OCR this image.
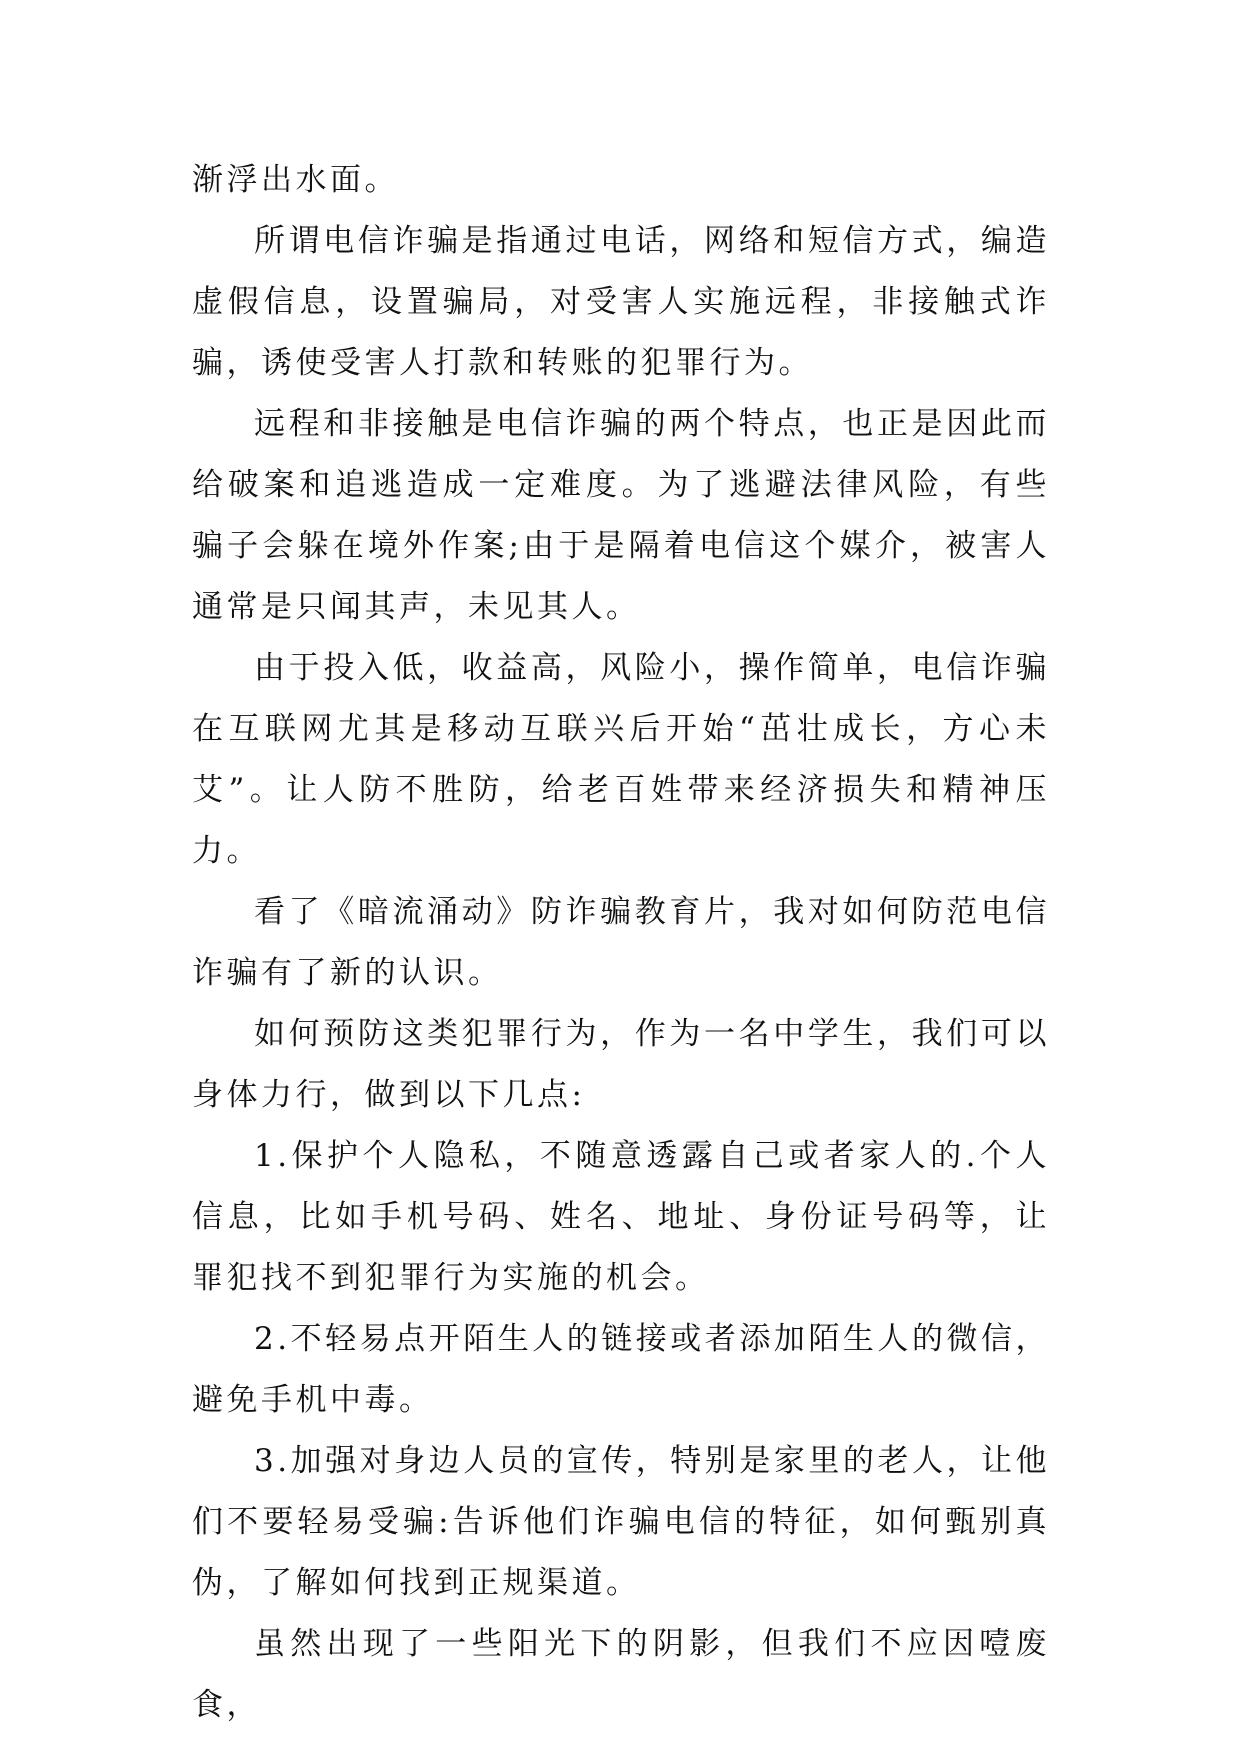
渐浮出水面。

所谓电信诈骗是指通过电话，网络和短信方式，编造虚假信息，设置骗局，对受害人实施远程，非接触式诈骗，诱使受害人打款和转账的犯罪行为。

远程和非接触是电信诈骗的两个特点，也正是因此而给破案和追逃造成一定难度。为了逃避法律风险，有些骗子会躲在境外作案;由于是隔着电信这个媒介，被害人通常是只闻其声，未见其人。

由于投入低，收益高，风险小，操作简单，电信诈骗在互联网尤其是移动互联兴后开始“茁壮成长，方心未艾”。让人防不胜防，给老百姓带来经济损失和精神压力。

看了《暗流涌动》防诈骗教育片，我对如何防范电信诈骗有了新的认识。

如何预防这类犯罪行为，作为一名中学生，我们可以身体力行，做到以下几点:

1.保护个人隐私，不随意透露自己或者家人的.个人信息，比如手机号码、姓名、地址、身份证号码等，让罪犯找不到犯罪行为实施的机会。

2.不轻易点开陌生人的链接或者添加陌生人的微信，避免手机中毒。

3.加强对身边人员的宣传，特别是家里的老人，让他们不要轻易受骗:告诉他们诈骗电信的特征，如何甄别真伪，了解如何找到正规渠道。

虽然出现了一些阳光下的阴影，但我们不应因噎废食，
